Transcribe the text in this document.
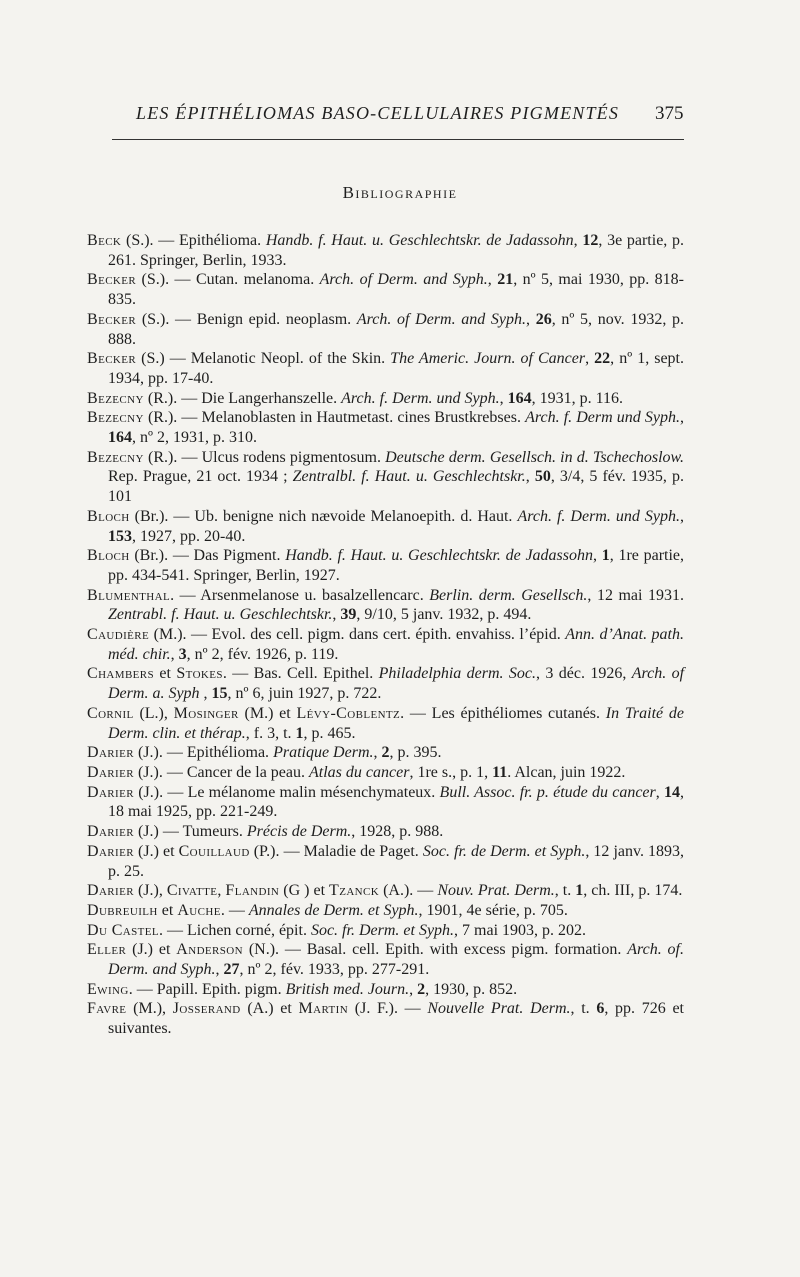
LES ÉPITHÉLIOMAS BASO-CELLULAIRES PIGMENTÉS 375
Bibliographie
Beck (S.). — Epithélioma. Handb. f. Haut. u. Geschlechtskr. de Jadassohn, 12, 3e partie, p. 261. Springer, Berlin, 1933.
Becker (S.). — Cutan. melanoma. Arch. of Derm. and Syph., 21, nº 5, mai 1930, pp. 818-835.
Becker (S.). — Benign epid. neoplasm. Arch. of Derm. and Syph., 26, nº 5, nov. 1932, p. 888.
Becker (S.) — Melanotic Neopl. of the Skin. The Americ. Journ. of Cancer, 22, nº 1, sept. 1934, pp. 17-40.
Bezecny (R.). — Die Langerhanszelle. Arch. f. Derm. und Syph., 164, 1931, p. 116.
Bezecny (R.). — Melanoblasten in Hautmetast. cines Brustkrebses. Arch. f. Derm und Syph., 164, nº 2, 1931, p. 310.
Bezecny (R.). — Ulcus rodens pigmentosum. Deutsche derm. Gesellsch. in d. Tschechoslow. Rep. Prague, 21 oct. 1934 ; Zentralbl. f. Haut. u. Geschlechtskr., 50, 3/4, 5 fév. 1935, p. 101
Bloch (Br.). — Ub. benigne nich nævoide Melanoepith. d. Haut. Arch. f. Derm. und Syph., 153, 1927, pp. 20-40.
Bloch (Br.). — Das Pigment. Handb. f. Haut. u. Geschlechtskr. de Jadassohn, 1, 1re partie, pp. 434-541. Springer, Berlin, 1927.
Blumenthal. — Arsenmelanose u. basalzellencarc. Berlin. derm. Gesellsch., 12 mai 1931. Zentrabl. f. Haut. u. Geschlechtskr., 39, 9/10, 5 janv. 1932, p. 494.
Caudière (M.). — Evol. des cell. pigm. dans cert. épith. envahiss. l’épid. Ann. d’Anat. path. méd. chir., 3, nº 2, fév. 1926, p. 119.
Chambers et Stokes. — Bas. Cell. Epithel. Philadelphia derm. Soc., 3 déc. 1926, Arch. of Derm. a. Syph , 15, nº 6, juin 1927, p. 722.
Cornil (L.), Mosinger (M.) et Lévy-Coblentz. — Les épithéliomes cutanés. In Traité de Derm. clin. et thérap., f. 3, t. 1, p. 465.
Darier (J.). — Epithélioma. Pratique Derm., 2, p. 395.
Darier (J.). — Cancer de la peau. Atlas du cancer, 1re s., p. 1, 11. Alcan, juin 1922.
Darier (J.). — Le mélanome malin mésenchymateux. Bull. Assoc. fr. p. étude du cancer, 14, 18 mai 1925, pp. 221-249.
Darier (J.) — Tumeurs. Précis de Derm., 1928, p. 988.
Darier (J.) et Couillaud (P.). — Maladie de Paget. Soc. fr. de Derm. et Syph., 12 janv. 1893, p. 25.
Darier (J.), Civatte, Flandin (G ) et Tzanck (A.). — Nouv. Prat. Derm., t. 1, ch. III, p. 174.
Dubreuilh et Auche. — Annales de Derm. et Syph., 1901, 4e série, p. 705.
Du Castel. — Lichen corné, épit. Soc. fr. Derm. et Syph., 7 mai 1903, p. 202.
Eller (J.) et Anderson (N.). — Basal. cell. Epith. with excess pigm. formation. Arch. of. Derm. and Syph., 27, nº 2, fév. 1933, pp. 277-291.
Ewing. — Papill. Epith. pigm. British med. Journ., 2, 1930, p. 852.
Favre (M.), Josserand (A.) et Martin (J. F.). — Nouvelle Prat. Derm., t. 6, pp. 726 et suivantes.
